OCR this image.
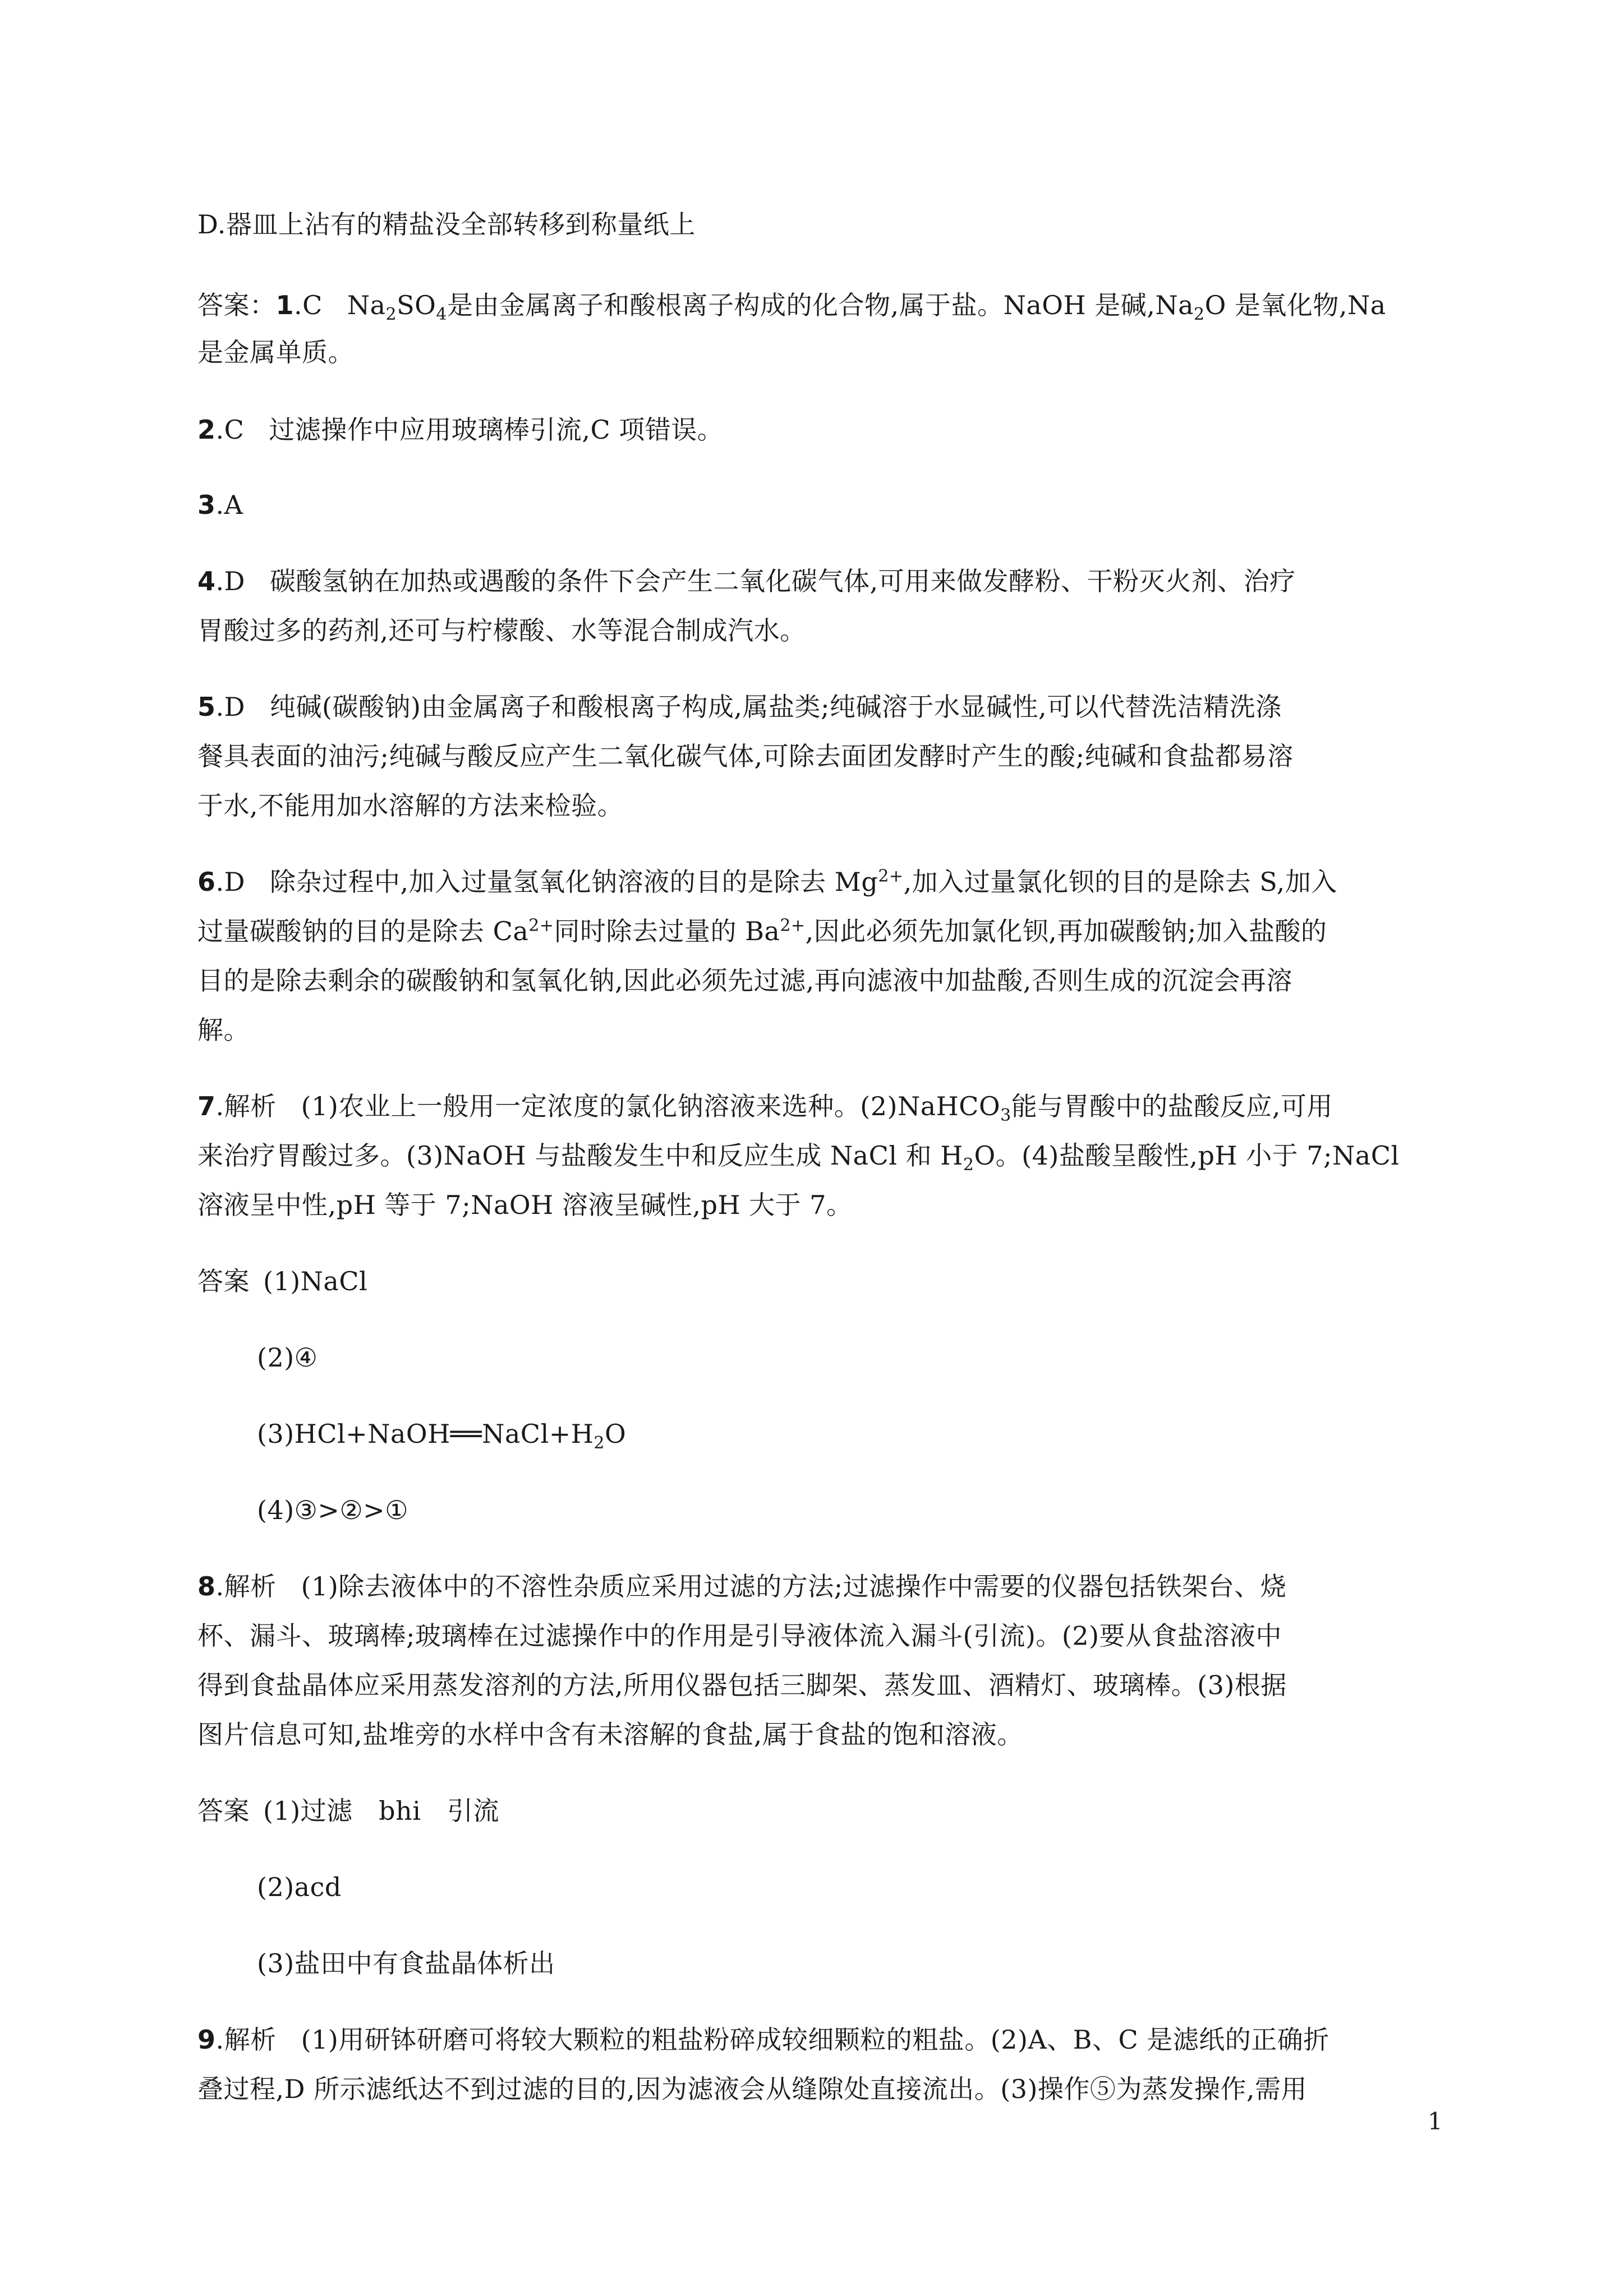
D.器皿上沾有的精盐没全部转移到称量纸上
答案：1.C $Na_2SO_4$是由金属离子和酸根离子构成的化合物,属于盐。NaOH 是碱$,Na_2O$ 是氧化物,Na
是金属单质。
2.C 过滤操作中应用玻璃棒引流,C 项错误。
3.A
4.D 碳酸氢钠在加热或遇酸的条件下会产生二氧化碳气体,可用来做发酵粉、干粉灭火剂、治疗
胃酸过多的药剂,还可与柠檬酸、水等混合制成汽水。
5.D 纯碱(碳酸钠)由金属离子和酸根离子构成,属盐类;纯碱溶于水显碱性,可以代替洗洁精洗涤
餐具表面的油污;纯碱与酸反应产生二氧化碳气体,可除去面团发酵时产生的酸;纯碱和食盐都易溶
于水,不能用加水溶解的方法来检验。
6.D 除杂过程中,加入过量氢氧化钠溶液的目的是除去 $Mg^{2+}$,加入过量氯化钡的目的是除去 S,加入
过量碳酸钠的目的是除去 $Ca^{2+}$同时除去过量的 $Ba^{2+}$,因此必须先加氯化钡,再加碳酸钠;加入盐酸的
目的是除去剩余的碳酸钠和氢氧化钠,因此必须先过滤,再向滤液中加盐酸,否则生成的沉淀会再溶
解。
7.解析 (1)农业上一般用一定浓度的氯化钠溶液来选种。(2)NaHCO$_3$能与胃酸中的盐酸反应,可用
来治疗胃酸过多。(3)NaOH 与盐酸发生中和反应生成 NaCl 和 $H_2O$。(4)盐酸呈酸性,pH 小于 7;NaCl
溶液呈中性,pH 等于 7;NaOH 溶液呈碱性,pH 大于 7。
答案 (1)NaCl
(2)④
$(3)HCl+NaOH══NaCl+H_2O$
(4)③>②>①
8.解析 (1)除去液体中的不溶性杂质应采用过滤的方法;过滤操作中需要的仪器包括铁架台、烧
杯、漏斗、玻璃棒;玻璃棒在过滤操作中的作用是引导液体流入漏斗(引流)。(2)要从食盐溶液中
得到食盐晶体应采用蒸发溶剂的方法,所用仪器包括三脚架、蒸发皿、酒精灯、玻璃棒。(3)根据
图片信息可知,盐堆旁的水样中含有未溶解的食盐,属于食盐的饱和溶液。
答案 (1)过滤　bhi　引流
(2)acd
(3)盐田中有食盐晶体析出
9.解析 (1)用研钵研磨可将较大颗粒的粗盐粉碎成较细颗粒的粗盐。(2)A、B、C 是滤纸的正确折
叠过程,D 所示滤纸达不到过滤的目的,因为滤液会从缝隙处直接流出。(3)操作⑤为蒸发操作,需用
1
